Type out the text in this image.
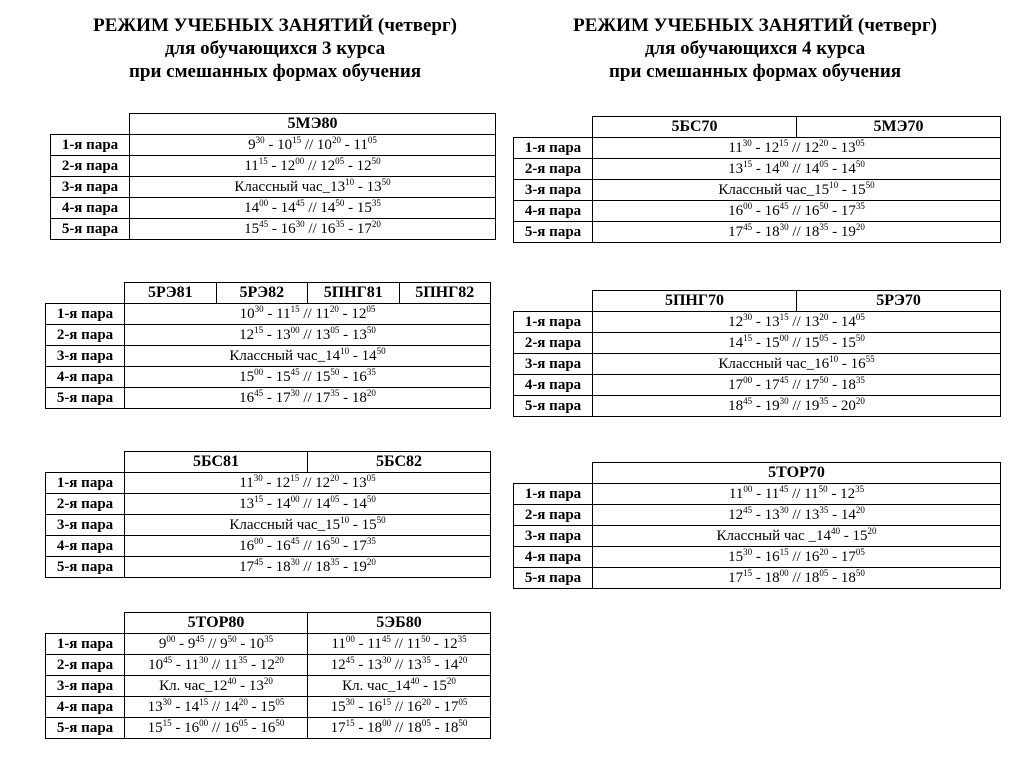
РЕЖИМ УЧЕБНЫХ ЗАНЯТИЙ (четверг)
для обучающихся 3 курса
при смешанных формах обучения
РЕЖИМ УЧЕБНЫХ ЗАНЯТИЙ (четверг)
для обучающихся 4 курса
при смешанных формах обучения
	5МЭ80
1-я пара	$9^{30} - 10^{15} // 10^{20} - 11^{05}$
2-я пара	$11^{15} - 12^{00} // 12^{05} - 12^{50}$
3-я пара	Классный $час\_13^{10} - 13^{50}$
4-я пара	$14^{00} - 14^{45} // 14^{50} - 15^{35}$
5-я пара	$15^{45} - 16^{30} // 16^{35} - 17^{20}$
	5РЭ81	5РЭ82	5ПНГ81	5ПНГ82
1-я пара	$10^{30} - 11^{15} // 11^{20} - 12^{05}$
2-я пара	$12^{15} - 13^{00} // 13^{05} - 13^{50}$
3-я пара	Классный $час\_14^{10} - 14^{50}$
4-я пара	$15^{00} - 15^{45} // 15^{50} - 16^{35}$
5-я пара	$16^{45} - 17^{30} // 17^{35} - 18^{20}$
	5БС81	5БС82
1-я пара	$11^{30} - 12^{15} // 12^{20} - 13^{05}$
2-я пара	$13^{15} - 14^{00} // 14^{05} - 14^{50}$
3-я пара	Классный $час\_15^{10} - 15^{50}$
4-я пара	$16^{00} - 16^{45} // 16^{50} - 17^{35}$
5-я пара	$17^{45} - 18^{30} // 18^{35} - 19^{20}$
	5ТОР80	5ЭБ80
1-я пара	$9^{00} - 9^{45} // 9^{50} - 10^{35}$	$11^{00} - 11^{45} // 11^{50} - 12^{35}$
2-я пара	$10^{45} - 11^{30} // 11^{35} - 12^{20}$	$12^{45} - 13^{30} // 13^{35} - 14^{20}$
3-я пара	Кл. $час\_12^{40} - 13^{20}$	Кл. $час\_14^{40} - 15^{20}$
4-я пара	$13^{30} - 14^{15} // 14^{20} - 15^{05}$	$15^{30} - 16^{15} // 16^{20} - 17^{05}$
5-я пара	$15^{15} - 16^{00} // 16^{05} - 16^{50}$	$17^{15} - 18^{00} // 18^{05} - 18^{50}$
	5БС70	5МЭ70
1-я пара	$11^{30} - 12^{15} // 12^{20} - 13^{05}$
2-я пара	$13^{15} - 14^{00} // 14^{05} - 14^{50}$
3-я пара	Классный $час\_15^{10} - 15^{50}$
4-я пара	$16^{00} - 16^{45} // 16^{50} - 17^{35}$
5-я пара	$17^{45} - 18^{30} // 18^{35} - 19^{20}$
	5ПНГ70	5РЭ70
1-я пара	$12^{30} - 13^{15} // 13^{20} - 14^{05}$
2-я пара	$14^{15} - 15^{00} // 15^{05} - 15^{50}$
3-я пара	Классный $час\_16^{10} - 16^{55}$
4-я пара	$17^{00} - 17^{45} // 17^{50} - 18^{35}$
5-я пара	$18^{45} - 19^{30} // 19^{35} - 20^{20}$
	5ТОР70
1-я пара	$11^{00} - 11^{45} // 11^{50} - 12^{35}$
2-я пара	$12^{45} - 13^{30} // 13^{35} - 14^{20}$
3-я пара	Классный час $\_14^{40} - 15^{20}$
4-я пара	$15^{30} - 16^{15} // 16^{20} - 17^{05}$
5-я пара	$17^{15} - 18^{00} // 18^{05} - 18^{50}$
